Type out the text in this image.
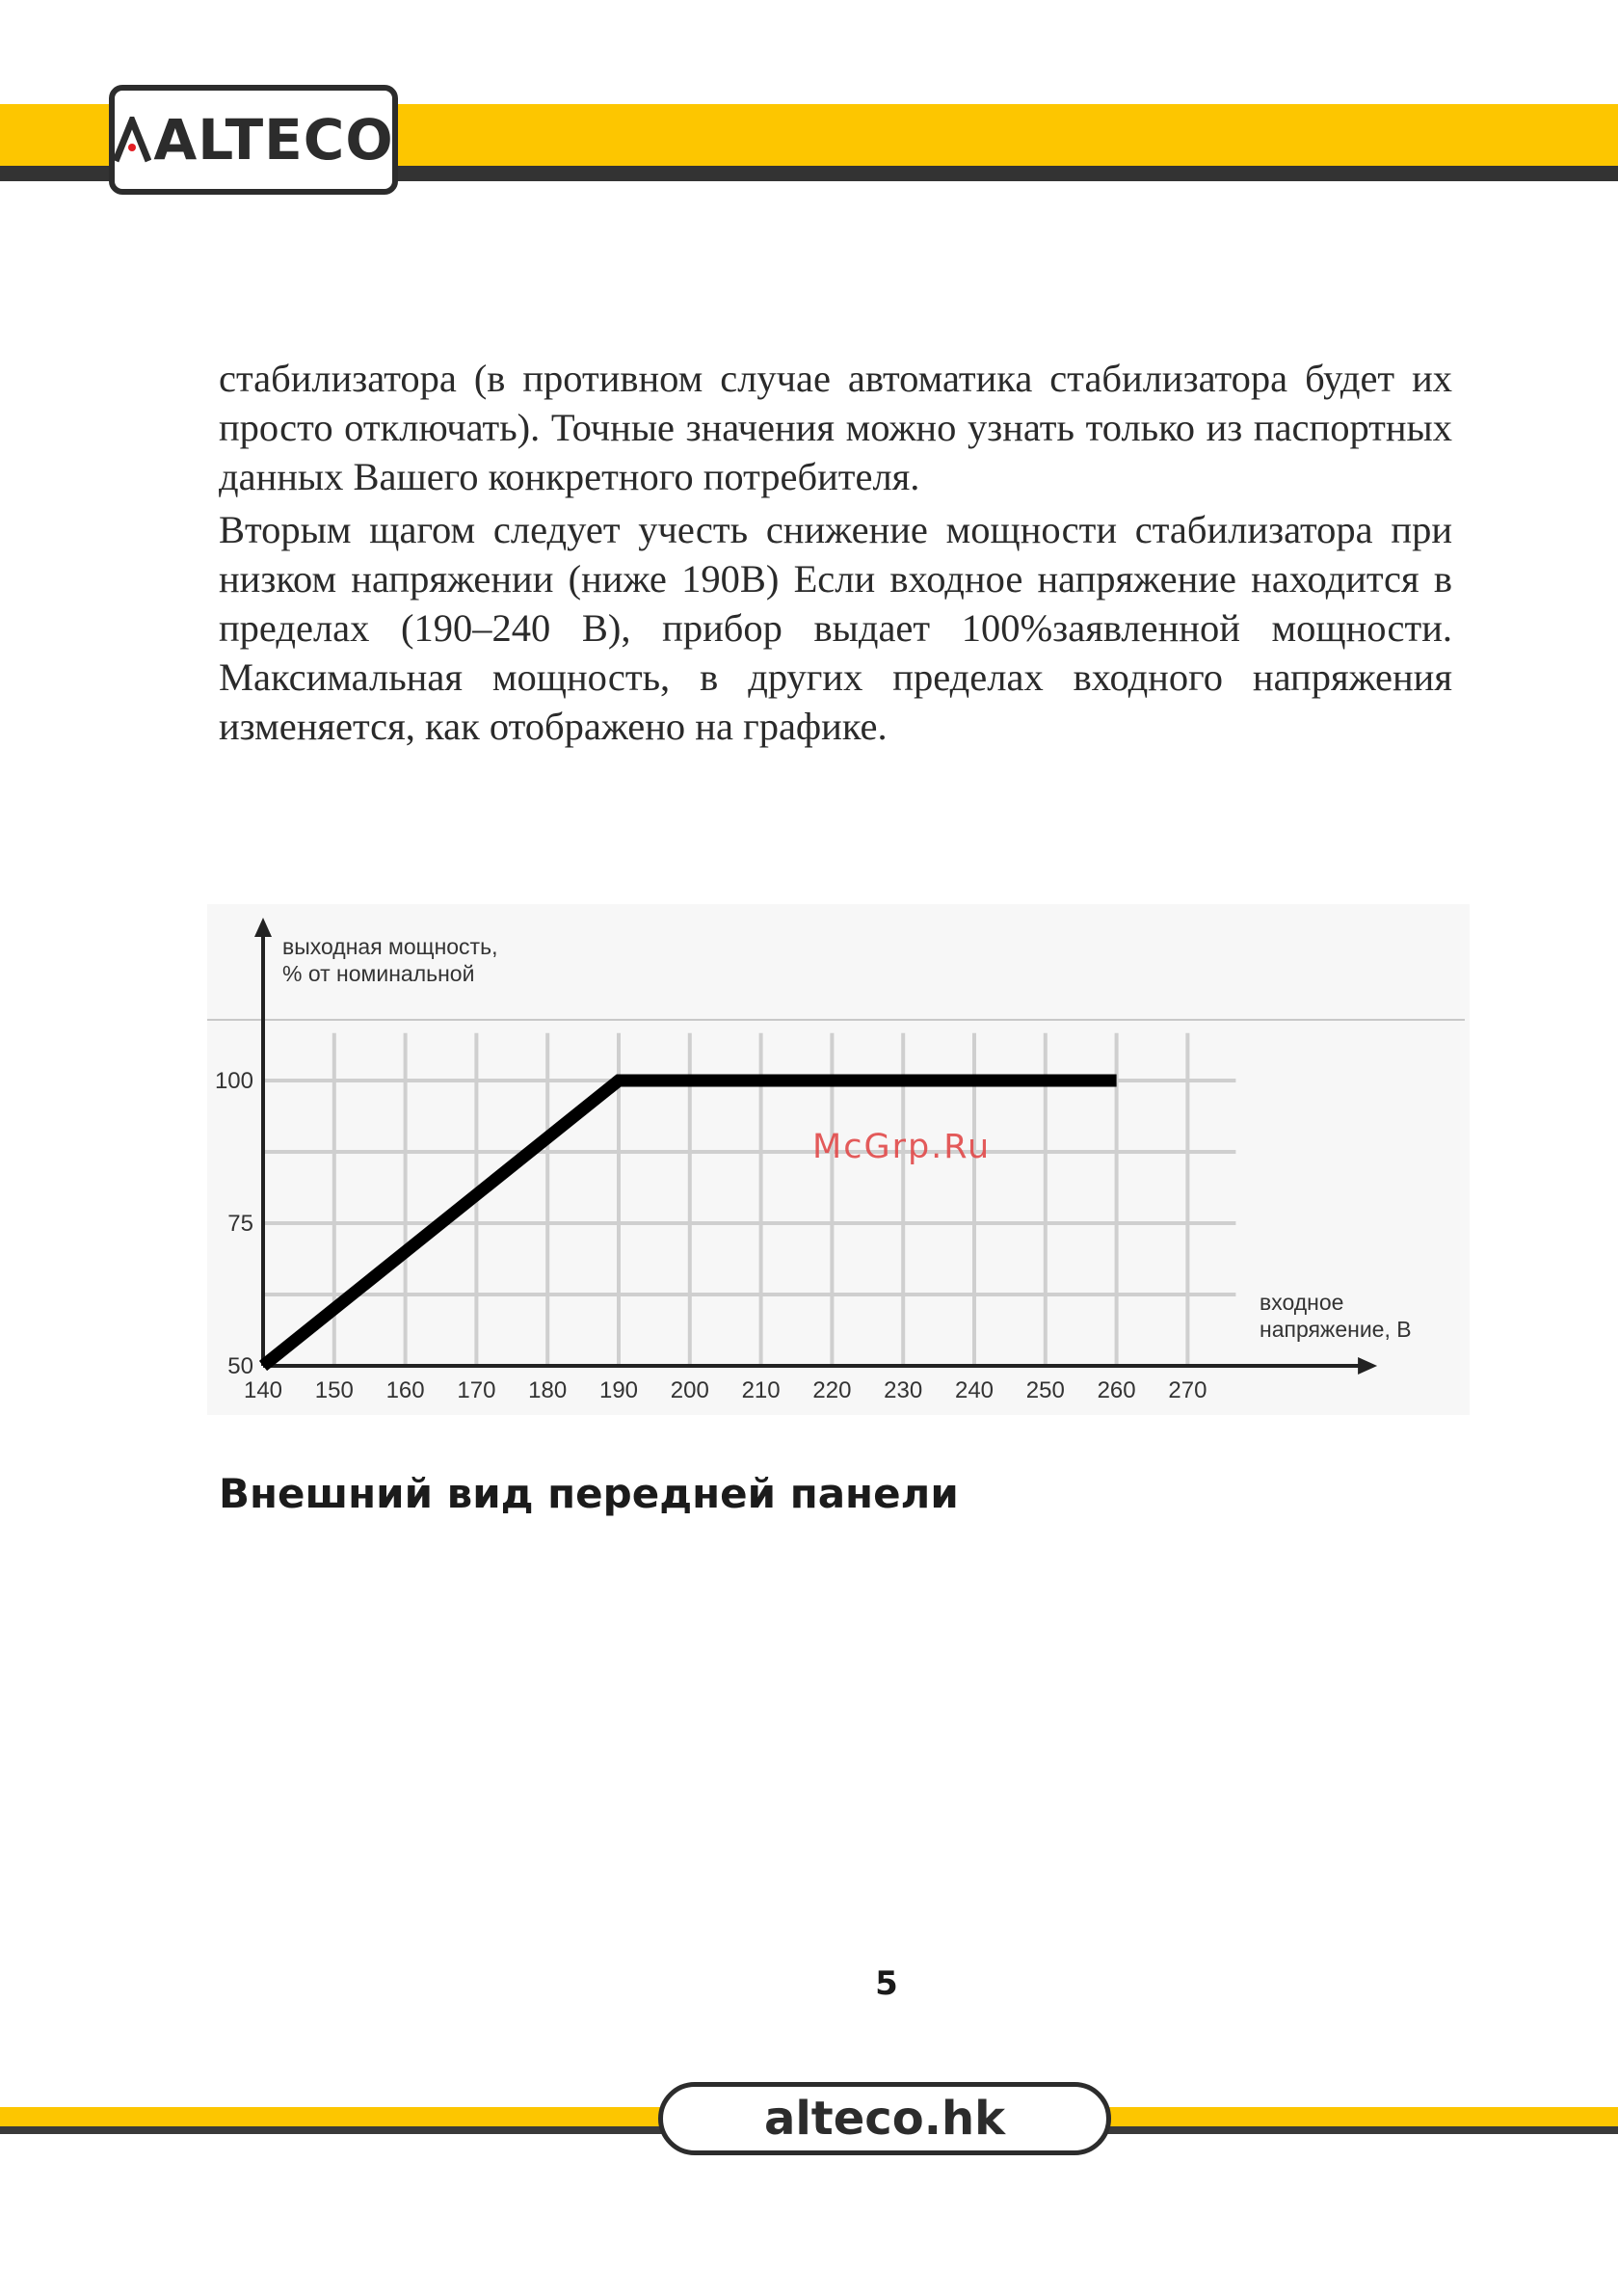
ALTECO

стабилизатора (в противном случае автоматика стабилизатора будет их просто отключать). Точные значения можно узнать только из паспортных данных Вашего конкретного потребителя.

Вторым щагом следует учесть снижение мощности стабилизатора при низком напряжении (ниже 190В) Если входное напряжение находится в пределах (190–240 В), прибор выдает 100%заявленной мощности. Максимальная мощность, в других пределах входного напряжения изменяется, как отображено на графике.

140 150 160 170 180 190 200 210 220 230 240 250 260 270
50
75
100
выходная мощность,
% от номинальной
входное
напряжение, В
McGrp.Ru
Внешний вид передней панели
5
alteco.hk
